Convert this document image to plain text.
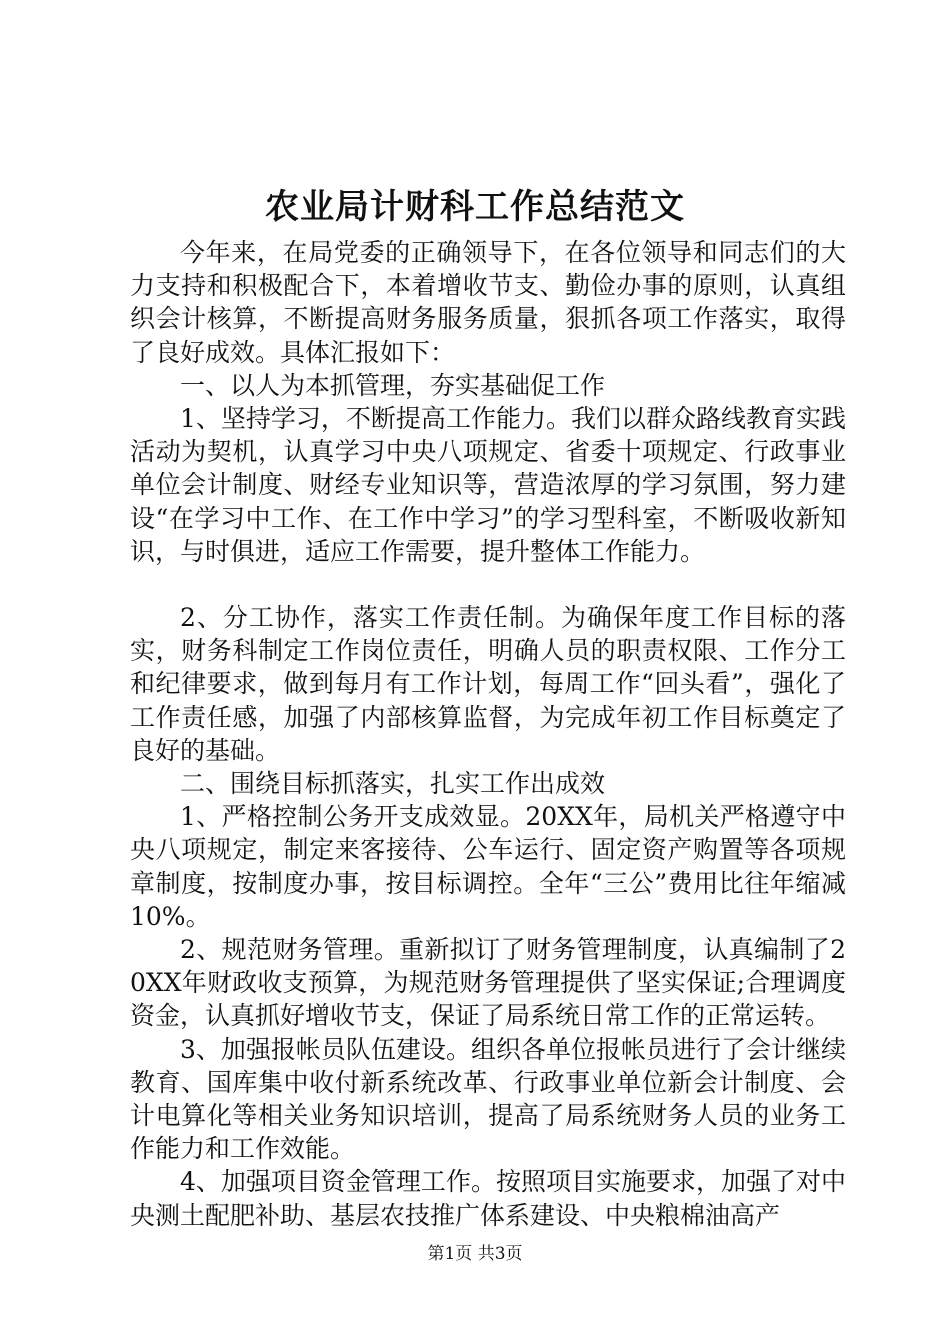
农业局计财科工作总结范文

今年来，在局党委的正确领导下，在各位领导和同志们的大力支持和积极配合下，本着增收节支、勤俭办事的原则，认真组织会计核算，不断提高财务服务质量，狠抓各项工作落实，取得了良好成效。具体汇报如下：

一、以人为本抓管理，夯实基础促工作

1、坚持学习，不断提高工作能力。我们以群众路线教育实践活动为契机，认真学习中央八项规定、省委十项规定、行政事业单位会计制度、财经专业知识等，营造浓厚的学习氛围，努力建设“在学习中工作、在工作中学习”的学习型科室，不断吸收新知识，与时俱进，适应工作需要，提升整体工作能力。

2、分工协作，落实工作责任制。为确保年度工作目标的落实，财务科制定工作岗位责任，明确人员的职责权限、工作分工和纪律要求，做到每月有工作计划，每周工作“回头看”，强化了工作责任感，加强了内部核算监督，为完成年初工作目标奠定了良好的基础。

二、围绕目标抓落实，扎实工作出成效

1、严格控制公务开支成效显。20XX年，局机关严格遵守中央八项规定，制定来客接待、公车运行、固定资产购置等各项规章制度，按制度办事，按目标调控。全年“三公”费用比往年缩减10%。

2、规范财务管理。重新拟订了财务管理制度，认真编制了20XX年财政收支预算，为规范财务管理提供了坚实保证;合理调度资金，认真抓好增收节支，保证了局系统日常工作的正常运转。

3、加强报帐员队伍建设。组织各单位报帐员进行了会计继续教育、国库集中收付新系统改革、行政事业单位新会计制度、会计电算化等相关业务知识培训，提高了局系统财务人员的业务工作能力和工作效能。

4、加强项目资金管理工作。按照项目实施要求，加强了对中央测土配肥补助、基层农技推广体系建设、中央粮棉油高产

第1页 共3页
